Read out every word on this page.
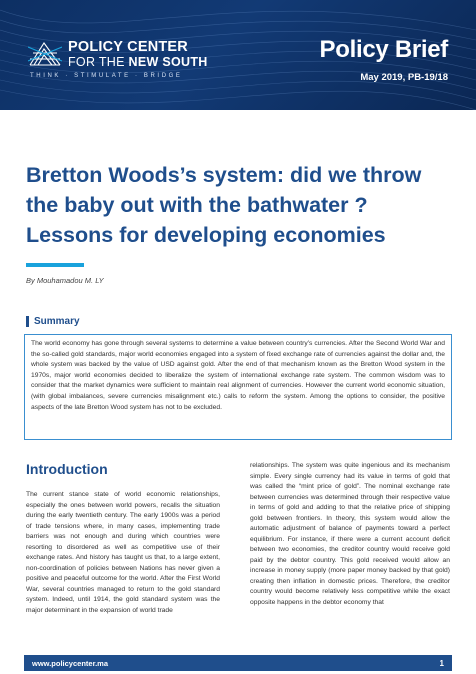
POLICY CENTER
FOR THE NEW SOUTH
THINK · STIMULATE · BRIDGE
Policy Brief
May 2019, PB-19/18
Bretton Woods’s system: did we throw the baby out with the bathwater ? Lessons for developing economies
By Mouhamadou M. LY
Summary

The world economy has gone through several systems to determine a value between country’s currencies. After the Second World War and the so-called gold standards, major world economies engaged into a system of fixed exchange rate of currencies against the dollar and, the whole system was backed by the value of USD against gold. After the end of that mechanism known as the Bretton Wood system in the 1970s, major world economies decided to liberalize the system of international exchange rate system. The common wisdom was to consider that the market dynamics were sufficient to maintain real alignment of currencies. However the current world economic situation, (with global imbalances, severe currencies misalignment etc.) calls to reform the system. Among the options to consider, the positive aspects of the late Bretton Wood system has not to be excluded.

Introduction

The current stance state of world economic relationships, especially the ones between world powers, recalls the situation during the early twentieth century. The early 1900s was a period of trade tensions where, in many cases, implementing trade barriers was not enough and during which countries were resorting to disordered as well as competitive use of their exchange rates. And history has taught us that, to a large extent, non-coordination of policies between Nations has never given a positive and peaceful outcome for the world. After the First World War, several countries managed to return to the gold standard system. Indeed, until 1914, the gold standard system was the major determinant in the expansion of world trade

relationships. The system was quite ingenious and its mechanism simple. Every single currency had its value in terms of gold that was called the “mint price of gold”. The nominal exchange rate between currencies was determined through their respective value in terms of gold and adding to that the relative price of shipping gold between frontiers. In theory, this system would allow the automatic adjustment of balance of payments toward a perfect equilibrium. For instance, if there were a current account deficit between two economies, the creditor country would receive gold paid by the debtor country. This gold received would allow an increase in money supply (more paper money backed by that gold) creating then inflation in domestic prices. Therefore, the creditor country would become relatively less competitive while the exact opposite happens in the debtor economy that

www.policycenter.ma	1
